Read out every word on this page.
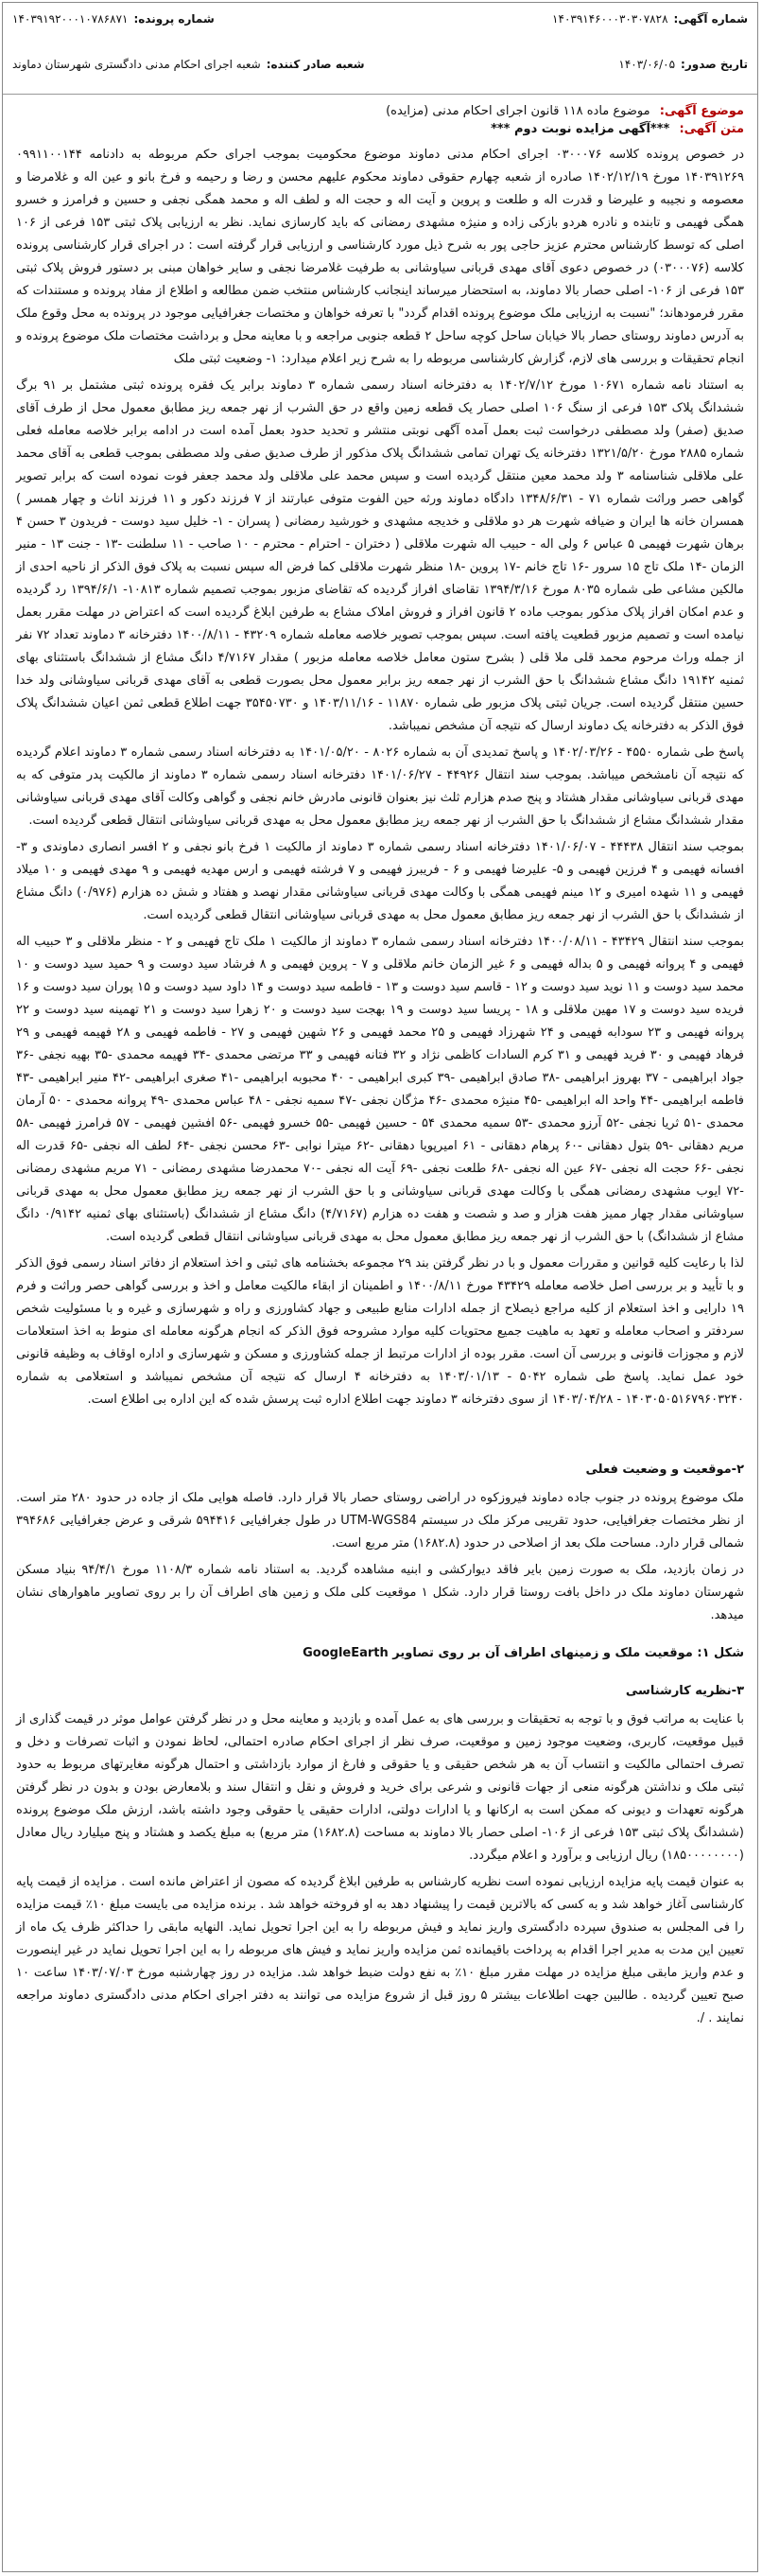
شماره آگهی:
۱۴۰۳۹۱۴۶۰۰۰۳۰۳۰۷۸۲۸
شماره پرونده:
۱۴۰۳۹۱۹۲۰۰۰۱۰۷۸۶۸۷۱
تاریخ صدور:
۱۴۰۳/۰۶/۰۵
شعبه صادر کننده:
شعبه اجرای احکام مدنی دادگستری شهرستان دماوند
موضوع آگهی: موضوع ماده ۱۱۸ قانون اجرای احکام مدنی (مزایده)
متن آگهی: ***آگهی مزایده نوبت دوم ***

در خصوص پرونده کلاسه ۰۳۰۰۰۷۶ اجرای احکام مدنی دماوند موضوع محکومیت بموجب اجرای حکم مربوطه به دادنامه ۰۹۹۱۱۰۰۱۴۴ ۱۴۰۳۹۱۲۶۹ مورخ ۱۴۰۲/۱۲/۱۹ صادره از شعبه چهارم حقوقی دماوند محکوم علیهم محسن و رضا و رحیمه و فرخ بانو و عین اله و غلامرضا و معصومه و نجیبه و علیرضا و قدرت اله و طلعت و پروین و آیت اله و حجت اله و لطف اله و محمد همگی نجفی و حسین و فرامرز و خسرو همگی فهیمی و تابنده و نادره هردو بازکی زاده و منیژه مشهدی رمضانی که باید کارسازی نماید. نظر به ارزیابی پلاک ثبتی ۱۵۳ فرعی از ۱۰۶ اصلی که توسط کارشناس محترم عزیز حاجی پور به شرح ذیل مورد کارشناسی و ارزیابی قرار گرفته است : در اجرای قرار کارشناسی پرونده کلاسه (۰۳۰۰۰۷۶) در خصوص دعوی آقای مهدی قربانی سیاوشانی به طرفیت غلامرضا نجفی و سایر خواهان مبنی بر دستور فروش پلاک ثبتی ۱۵۳ فرعی از ۱۰۶- اصلی حصار بالا دماوند، به استحضار میرساند اینجانب کارشناس منتخب ضمن مطالعه و اطلاع از مفاد پرونده و مستندات که مقرر فرمودهاند؛ "نسبت به ارزیابی ملک موضوع پرونده اقدام گردد" با تعرفه خواهان و مختصات جغرافیایی موجود در پرونده به محل وقوع ملک به آدرس دماوند روستای حصار بالا خیابان ساحل کوچه ساحل ۲ قطعه جنوبی مراجعه و با معاینه محل و برداشت مختصات ملک موضوع پرونده و انجام تحقیقات و بررسی های لازم، گزارش کارشناسی مربوطه را به شرح زیر اعلام میدارد: ۱- وضعیت ثبتی ملک

به استناد نامه شماره ۱۰۶۷۱ مورخ ۱۴۰۲/۷/۱۲ به دفترخانه اسناد رسمی شماره ۳ دماوند برابر یک فقره پرونده ثبتی مشتمل بر ۹۱ برگ ششدانگ پلاک ۱۵۳ فرعی از سنگ ۱۰۶ اصلی حصار یک قطعه زمین واقع در حق الشرب از نهر جمعه ریز مطابق معمول محل از طرف آقای صدیق (صفر) ولد مصطفی درخواست ثبت بعمل آمده آگهی نوبتی منتشر و تحدید حدود بعمل آمده است در ادامه برابر خلاصه معامله فعلی شماره ۲۸۸۵ مورخ ۱۳۲۱/۵/۲۰ دفترخانه یک تهران تمامی ششدانگ پلاک مذکور از طرف صدیق صفی ولد مصطفی بموجب قطعی به آقای محمد علی ملاقلی شناسنامه ۳ ولد محمد معین منتقل گردیده است و سپس محمد علی ملاقلی ولد محمد جعفر فوت نموده است که برابر تصویر گواهی حصر وراثت شماره ۷۱ - ۱۳۴۸/۶/۳۱ دادگاه دماوند ورثه حین الفوت متوفی عبارتند از ۷ فرزند دکور و ۱۱ فرزند اناث و چهار همسر ) همسران خانه ها ایران و ضیافه شهرت هر دو ملاقلی و خدیجه مشهدی و خورشید رمضانی ( پسران - ۱- خلیل سید دوست - فریدون ۳ حسن ۴ برهان شهرت فهیمی ۵ عباس ۶ ولی اله - حبیب اله شهرت ملاقلی ( دختران - احترام - محترم - ۱۰ صاحب - ۱۱ سلطنت -۱۳ - جنت ۱۳ - منیر الزمان -۱۴ ملک تاج ۱۵ سرور -۱۶ تاج خانم -۱۷ پروین -۱۸ منظر شهرت ملاقلی کما فرض اله سپس نسبت به پلاک فوق الذکر از ناحیه احدی از مالکین مشاعی طی شماره ۸۰۳۵ مورخ ۱۳۹۴/۳/۱۶ تقاضای افراز گردیده که تقاضای مزبور بموجب تصمیم شماره ۱۰۸۱۳- ۱۳۹۴/۶/۱ رد گردیده و عدم امکان افراز پلاک مذکور بموجب ماده ۲ قانون افراز و فروش املاک مشاع به طرفین ابلاغ گردیده است که اعتراض در مهلت مقرر بعمل نیامده است و تصمیم مزبور قطعیت یافته است. سپس بموجب تصویر خلاصه معامله شماره ۴۳۲۰۹ - ۱۴۰۰/۸/۱۱ دفترخانه ۳ دماوند تعداد ۷۲ نفر از جمله وراث مرحوم محمد قلی ملا قلی ( بشرح ستون معامل خلاصه معامله مزبور ) مقدار ۴/۷۱۶۷ دانگ مشاع از ششدانگ باستثنای بهای ثمنیه ۱۹۱۴۲ دانگ مشاع ششدانگ با حق الشرب از نهر جمعه ریز برابر معمول محل بصورت قطعی به آقای مهدی قربانی سیاوشانی ولد خدا حسین منتقل گردیده است. جریان ثبتی پلاک مزبور طی شماره ۱۱۸۷۰ - ۱۴۰۳/۱۱/۱۶ و ۳۵۴۵۰۷۳۰ جهت اطلاع قطعی ثمن اعیان ششدانگ پلاک فوق الذکر به دفترخانه یک دماوند ارسال که نتیجه آن مشخص نمیباشد.

پاسخ طی شماره ۴۵۵۰ - ۱۴۰۲/۰۳/۲۶ و پاسخ تمدیدی آن به شماره ۸۰۲۶ - ۱۴۰۱/۰۵/۲۰ به دفترخانه اسناد رسمی شماره ۳ دماوند اعلام گردیده که نتیجه آن نامشخص میباشد. بموجب سند انتقال ۴۴۹۲۶ - ۱۴۰۱/۰۶/۲۷ دفترخانه اسناد رسمی شماره ۳ دماوند از مالکیت پدر متوفی که به مهدی قربانی سیاوشانی مقدار هشتاد و پنج صدم هزارم ثلث نیز بعنوان قانونی مادرش خانم نجفی و گواهی وکالت آقای مهدی قربانی سیاوشانی مقدار ششدانگ مشاع از ششدانگ با حق الشرب از نهر جمعه ریز مطابق معمول محل به مهدی قربانی سیاوشانی انتقال قطعی گردیده است.

بموجب سند انتقال ۴۴۴۳۸ - ۱۴۰۱/۰۶/۰۷ دفترخانه اسناد رسمی شماره ۳ دماوند از مالکیت ۱ فرخ بانو نجفی و ۲ افسر انصاری دماوندی و ۳- افسانه فهیمی و ۴ فرزین فهیمی و ۵- علیرضا فهیمی و ۶ - فریبرز فهیمی و ۷ فرشته فهیمی و ارس مهدیه فهیمی و ۹ مهدی فهیمی و ۱۰ میلاد فهیمی و ۱۱ شهده امیری و ۱۲ مینم فهیمی همگی با وکالت مهدی قربانی سیاوشانی مقدار نهصد و هفتاد و شش ده هزارم (۰/۹۷۶) دانگ مشاع از ششدانگ با حق الشرب از نهر جمعه ریز مطابق معمول محل به مهدی قربانی سیاوشانی انتقال قطعی گردیده است.

بموجب سند انتقال ۴۳۴۲۹ - ۱۴۰۰/۰۸/۱۱ دفترخانه اسناد رسمی شماره ۳ دماوند از مالکیت ۱ ملک تاج فهیمی و ۲ - منظر ملاقلی و ۳ حبیب اله فهیمی و ۴ پروانه فهیمی و ۵ بداله فهیمی و ۶ غیر الزمان خانم ملاقلی و ۷ - پروین فهیمی و ۸ فرشاد سید دوست و ۹ حمید سید دوست و ۱۰ محمد سید دوست و ۱۱ نوید سید دوست و ۱۲ - قاسم سید دوست و ۱۳ - فاطمه سید دوست و ۱۴ داود سید دوست و ۱۵ پوران سید دوست و ۱۶ فریده سید دوست و ۱۷ مهین ملاقلی و ۱۸ - پریسا سید دوست و ۱۹ بهجت سید دوست و ۲۰ زهرا سید دوست و ۲۱ تهمینه سید دوست و ۲۲ پروانه فهیمی و ۲۳ سودابه فهیمی و ۲۴ شهرزاد فهیمی و ۲۵ محمد فهیمی و ۲۶ شهین فهیمی و ۲۷ - فاطمه فهیمی و ۲۸ فهیمه فهیمی و ۲۹ فرهاد فهیمی و ۳۰ فرید فهیمی و ۳۱ کرم السادات کاظمی نژاد و ۳۲ فتانه فهیمی و ۳۳ مرتضی محمدی -۳۴ فهیمه محمدی -۳۵ بهیه نجفی -۳۶ جواد ابراهیمی - ۳۷ بهروز ابراهیمی -۳۸ صادق ابراهیمی -۳۹ کبری ابراهیمی - ۴۰ محبوبه ابراهیمی -۴۱ صغری ابراهیمی -۴۲ منیر ابراهیمی -۴۳ فاطمه ابراهیمی -۴۴ واحد اله ابراهیمی -۴۵ منیژه محمدی -۴۶ مژگان نجفی -۴۷ سمیه نجفی - ۴۸ عباس محمدی -۴۹ پروانه محمدی - ۵۰ آرمان محمدی -۵۱ ثریا نجفی -۵۲ آرزو محمدی -۵۳ سمیه محمدی ۵۴ - حسین فهیمی -۵۵ خسرو فهیمی -۵۶ افشین فهیمی - ۵۷ فرامرز فهیمی -۵۸ مریم دهقانی -۵۹ بتول دهقانی -۶۰ پرهام دهقانی - ۶۱ امیرپویا دهقانی -۶۲ میترا نوابی -۶۳ محسن نجفی -۶۴ لطف اله نجفی -۶۵ قدرت اله نجفی -۶۶ حجت اله نجفی -۶۷ عین اله نجفی -۶۸ طلعت نجفی -۶۹ آیت اله نجفی -۷۰ محمدرضا مشهدی رمضانی - ۷۱ مریم مشهدی رمضانی -۷۲ ایوب مشهدی رمضانی همگی با وکالت مهدی قربانی سیاوشانی و با حق الشرب از نهر جمعه ریز مطابق معمول محل به مهدی قربانی سیاوشانی مقدار چهار ممیز هفت هزار و صد و شصت و هفت ده هزارم (۴/۷۱۶۷) دانگ مشاع از ششدانگ (باستثنای بهای ثمنیه ۰/۹۱۴۲ دانگ مشاع از ششدانگ) با حق الشرب از نهر جمعه ریز مطابق معمول محل به مهدی قربانی سیاوشانی انتقال قطعی گردیده است.

لذا با رعایت کلیه قوانین و مقررات معمول و با در نظر گرفتن بند ۲۹ مجموعه بخشنامه های ثبتی و اخذ استعلام از دفاتر اسناد رسمی فوق الذکر و با تأیید و بر بررسی اصل خلاصه معامله ۴۳۴۲۹ مورخ ۱۴۰۰/۸/۱۱ و اطمینان از ابقاء مالکیت معامل و اخذ و بررسی گواهی حصر وراثت و فرم ۱۹ دارایی و اخذ استعلام از کلیه مراجع ذیصلاح از جمله ادارات منابع طبیعی و جهاد کشاورزی و راه و شهرسازی و غیره و با مسئولیت شخص سردفتر و اصحاب معامله و تعهد به ماهیت جمیع محتویات کلیه موارد مشروحه فوق الذکر که انجام هرگونه معامله ای منوط به اخذ استعلامات لازم و مجوزات قانونی و بررسی آن است. مقرر بوده از ادارات مرتبط از جمله کشاورزی و مسکن و شهرسازی و اداره اوقاف به وظیفه قانونی خود عمل نماید. پاسخ طی شماره ۵۰۴۲ - ۱۴۰۳/۰۱/۱۳ به دفترخانه ۴ ارسال که نتیجه آن مشخص نمیباشد و استعلامی به شماره ۱۴۰۳۰۵۰۵۱۶۷۹۶۰۳۲۴۰ - ۱۴۰۳/۰۴/۲۸ از سوی دفترخانه ۳ دماوند جهت اطلاع اداره ثبت پرسش شده که این اداره بی اطلاع است.

۲-موقعیت و وضعیت فعلی

ملک موضوع پرونده در جنوب جاده دماوند فیروزکوه در اراضی روستای حصار بالا قرار دارد. فاصله هوایی ملک از جاده در حدود ۲۸۰ متر است. از نظر مختصات جغرافیایی، حدود تقریبی مرکز ملک در سیستم UTM-WGS84 در طول جغرافیایی ۵۹۴۴۱۶ شرقی و عرض جغرافیایی ۳۹۴۶۸۶ شمالی قرار دارد. مساحت ملک بعد از اصلاحی در حدود (۱۶۸۲.۸) متر مربع است.

در زمان بازدید، ملک به صورت زمین بایر فاقد دیوارکشی و ابنیه مشاهده گردید. به استناد نامه شماره ۱۱۰۸/۳ مورخ ۹۴/۴/۱ بنیاد مسکن شهرستان دماوند ملک در داخل بافت روستا قرار دارد. شکل ۱ موقعیت کلی ملک و زمین های اطراف آن را بر روی تصاویر ماهوارهای نشان میدهد.

شکل ۱: موقعیت ملک و زمینهای اطراف آن بر روی تصاویر GoogleEarth
۳-نظریه کارشناسی

با عنایت به مراتب فوق و با توجه به تحقیقات و بررسی های به عمل آمده و بازدید و معاینه محل و در نظر گرفتن عوامل موثر در قیمت گذاری از قبیل موقعیت، کاربری، وضعیت موجود زمین و موقعیت، صرف نظر از اجرای احکام صادره احتمالی، لحاظ نمودن و اثبات تصرفات و دخل و تصرف احتمالی مالکیت و انتساب آن به هر شخص حقیقی و یا حقوقی و فارغ از موارد بازداشتی و احتمال هرگونه مغایرتهای مربوط به حدود ثبتی ملک و نداشتن هرگونه منعی از جهات قانونی و شرعی برای خرید و فروش و نقل و انتقال سند و بلامعارض بودن و بدون در نظر گرفتن هرگونه تعهدات و دیونی که ممکن است به ارکانها و یا ادارات دولتی، ادارات حقیقی یا حقوقی وجود داشته باشد، ارزش ملک موضوع پرونده (ششدانگ پلاک ثبتی ۱۵۳ فرعی از ۱۰۶- اصلی حصار بالا دماوند به مساحت (۱۶۸۲.۸) متر مربع) به مبلغ یکصد و هشتاد و پنج میلیارد ریال معادل (۱۸۵۰۰۰۰۰۰۰۰) ریال ارزیابی و برآورد و اعلام میگردد.

به عنوان قیمت پایه مزایده ارزیابی نموده است نظریه کارشناس به طرفین ابلاغ گردیده که مصون از اعتراض مانده است . مزایده از قیمت پایه کارشناسی آغاز خواهد شد و به کسی که بالاترین قیمت را پیشنهاد دهد به او فروخته خواهد شد . برنده مزایده می بایست مبلغ ۱۰٪ قیمت مزایده را فی المجلس به صندوق سپرده دادگستری واریز نماید و فیش مربوطه را به این اجرا تحویل نماید. النهایه مابقی را حداکثر ظرف یک ماه از تعیین این مدت به مدیر اجرا اقدام به پرداخت باقیمانده ثمن مزایده واریز نماید و فیش های مربوطه را به این اجرا تحویل نماید در غیر اینصورت و عدم واریز مابقی مبلغ مزایده در مهلت مقرر مبلغ ۱۰٪ به نفع دولت ضبط خواهد شد. مزایده در روز چهارشنبه مورخ ۱۴۰۳/۰۷/۰۳ ساعت ۱۰ صبح تعیین گردیده . طالبین جهت اطلاعات بیشتر ۵ روز قبل از شروع مزایده می توانند به دفتر اجرای احکام مدنی دادگستری دماوند مراجعه نمایند . /.
